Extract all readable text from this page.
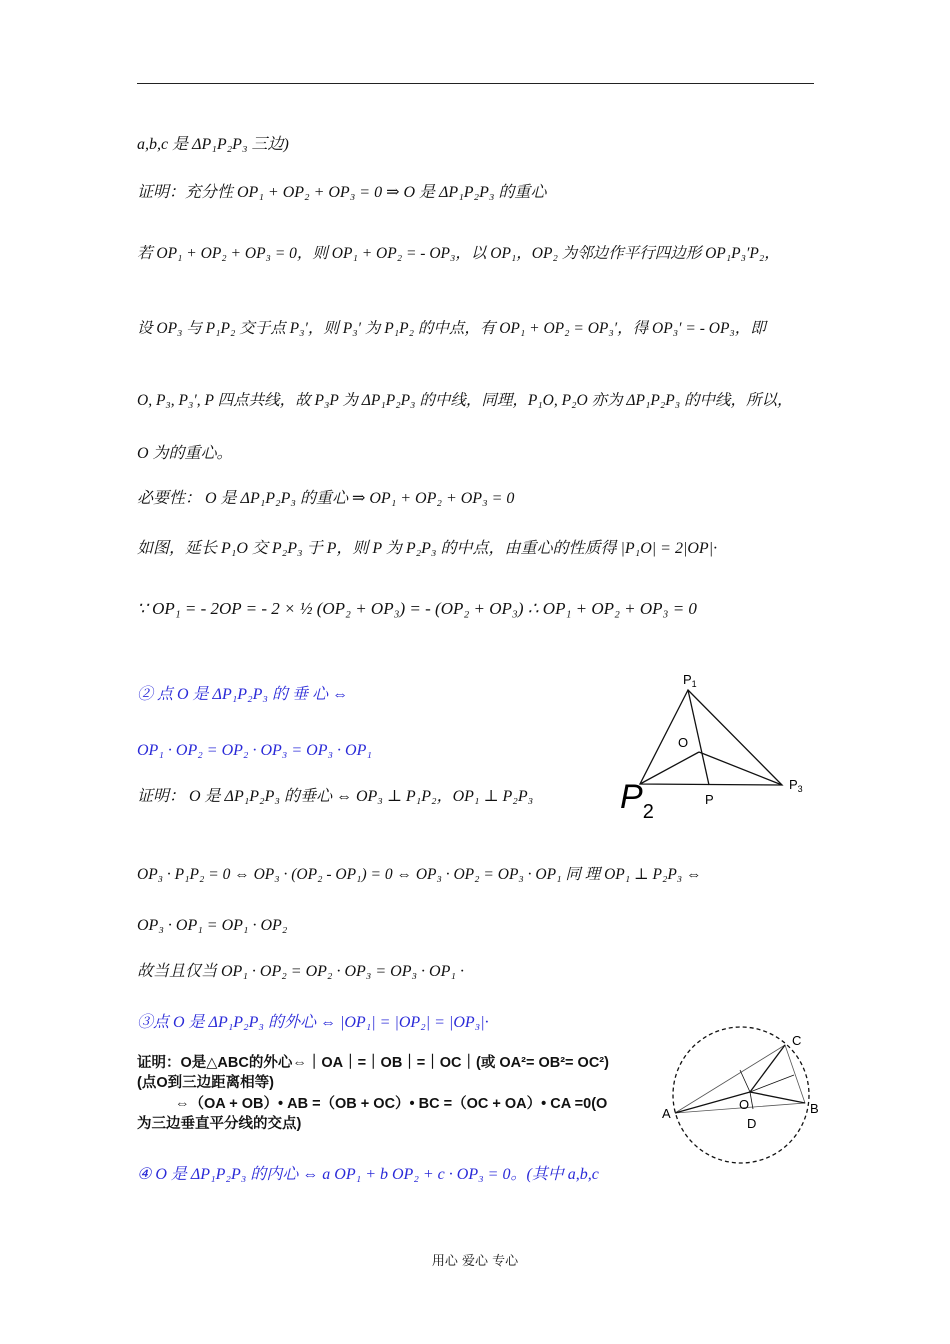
a,b,c 是 ΔP₁P₂P₃ 三边)
证明：充分性 OP₁ + OP₂ + OP₃ = 0 ⇒ O 是 ΔP₁P₂P₃ 的重心
若 OP₁ + OP₂ + OP₃ = 0，则 OP₁ + OP₂ = - OP₃，以 OP₁，OP₂ 为邻边作平行四边形 OP₁P₃′P₂，
设 OP₃ 与 P₁P₂ 交于点 P₃′，则 P₃′ 为 P₁P₂ 的中点，有 OP₁ + OP₂ = OP₃′，得 OP₃′ = - OP₃，即
O, P₃, P₃′, P 四点共线，故 P₃P 为 ΔP₁P₂P₃ 的中线，同理，P₁O, P₂O 亦为 ΔP₁P₂P₃ 的中线，所以，
O 为的重心。
必要性： O 是 ΔP₁P₂P₃ 的重心 ⇒ OP₁ + OP₂ + OP₃ = 0
如图，延长 P₁O 交 P₂P₃ 于 P，则 P 为 P₂P₃ 的中点，由重心的性质得 |P₁O| = 2|OP|·
∵ OP₁ = - 2OP = - 2 × ½ (OP₂ + OP₃) = - (OP₂ + OP₃) ∴ OP₁ + OP₂ + OP₃ = 0
② 点 O 是 ΔP₁P₂P₃ 的 垂 心 ⇔
OP₁ · OP₂ = OP₂ · OP₃ = OP₃ · OP₁
证明： O 是 ΔP₁P₂P₃ 的垂心 ⇔ OP₃ ⊥ P₁P₂，OP₁ ⊥ P₂P₃
OP₃ · P₁P₂ = 0 ⇔ OP₃ · (OP₂ - OP₁) = 0 ⇔ OP₃ · OP₂ = OP₃ · OP₁ 同 理 OP₁ ⊥ P₂P₃ ⇔
OP₃ · OP₁ = OP₁ · OP₂
故当且仅当 OP₁ · OP₂ = OP₂ · OP₃ = OP₃ · OP₁ ·
③点 O 是 ΔP₁P₂P₃ 的外心 ⇔ |OP₁| = |OP₂| = |OP₃|·
证明：O是△ABC的外心⇔｜OA｜=｜OB｜=｜OC｜(或 OA²= OB²= OC²)
(点O到三边距离相等)
⇔（OA + OB）• AB =（OB + OC）• BC =（OC + OA）• CA =0(O
为三边垂直平分线的交点)
④ O 是 ΔP₁P₂P₃ 的内心 ⇔ a OP₁ + b OP₂ + c · OP₃ = 0。(其中 a,b,c
$P_1$
O
$P_2$
P
$P_3$
C
A
O	B
D
用心 爱心 专心
